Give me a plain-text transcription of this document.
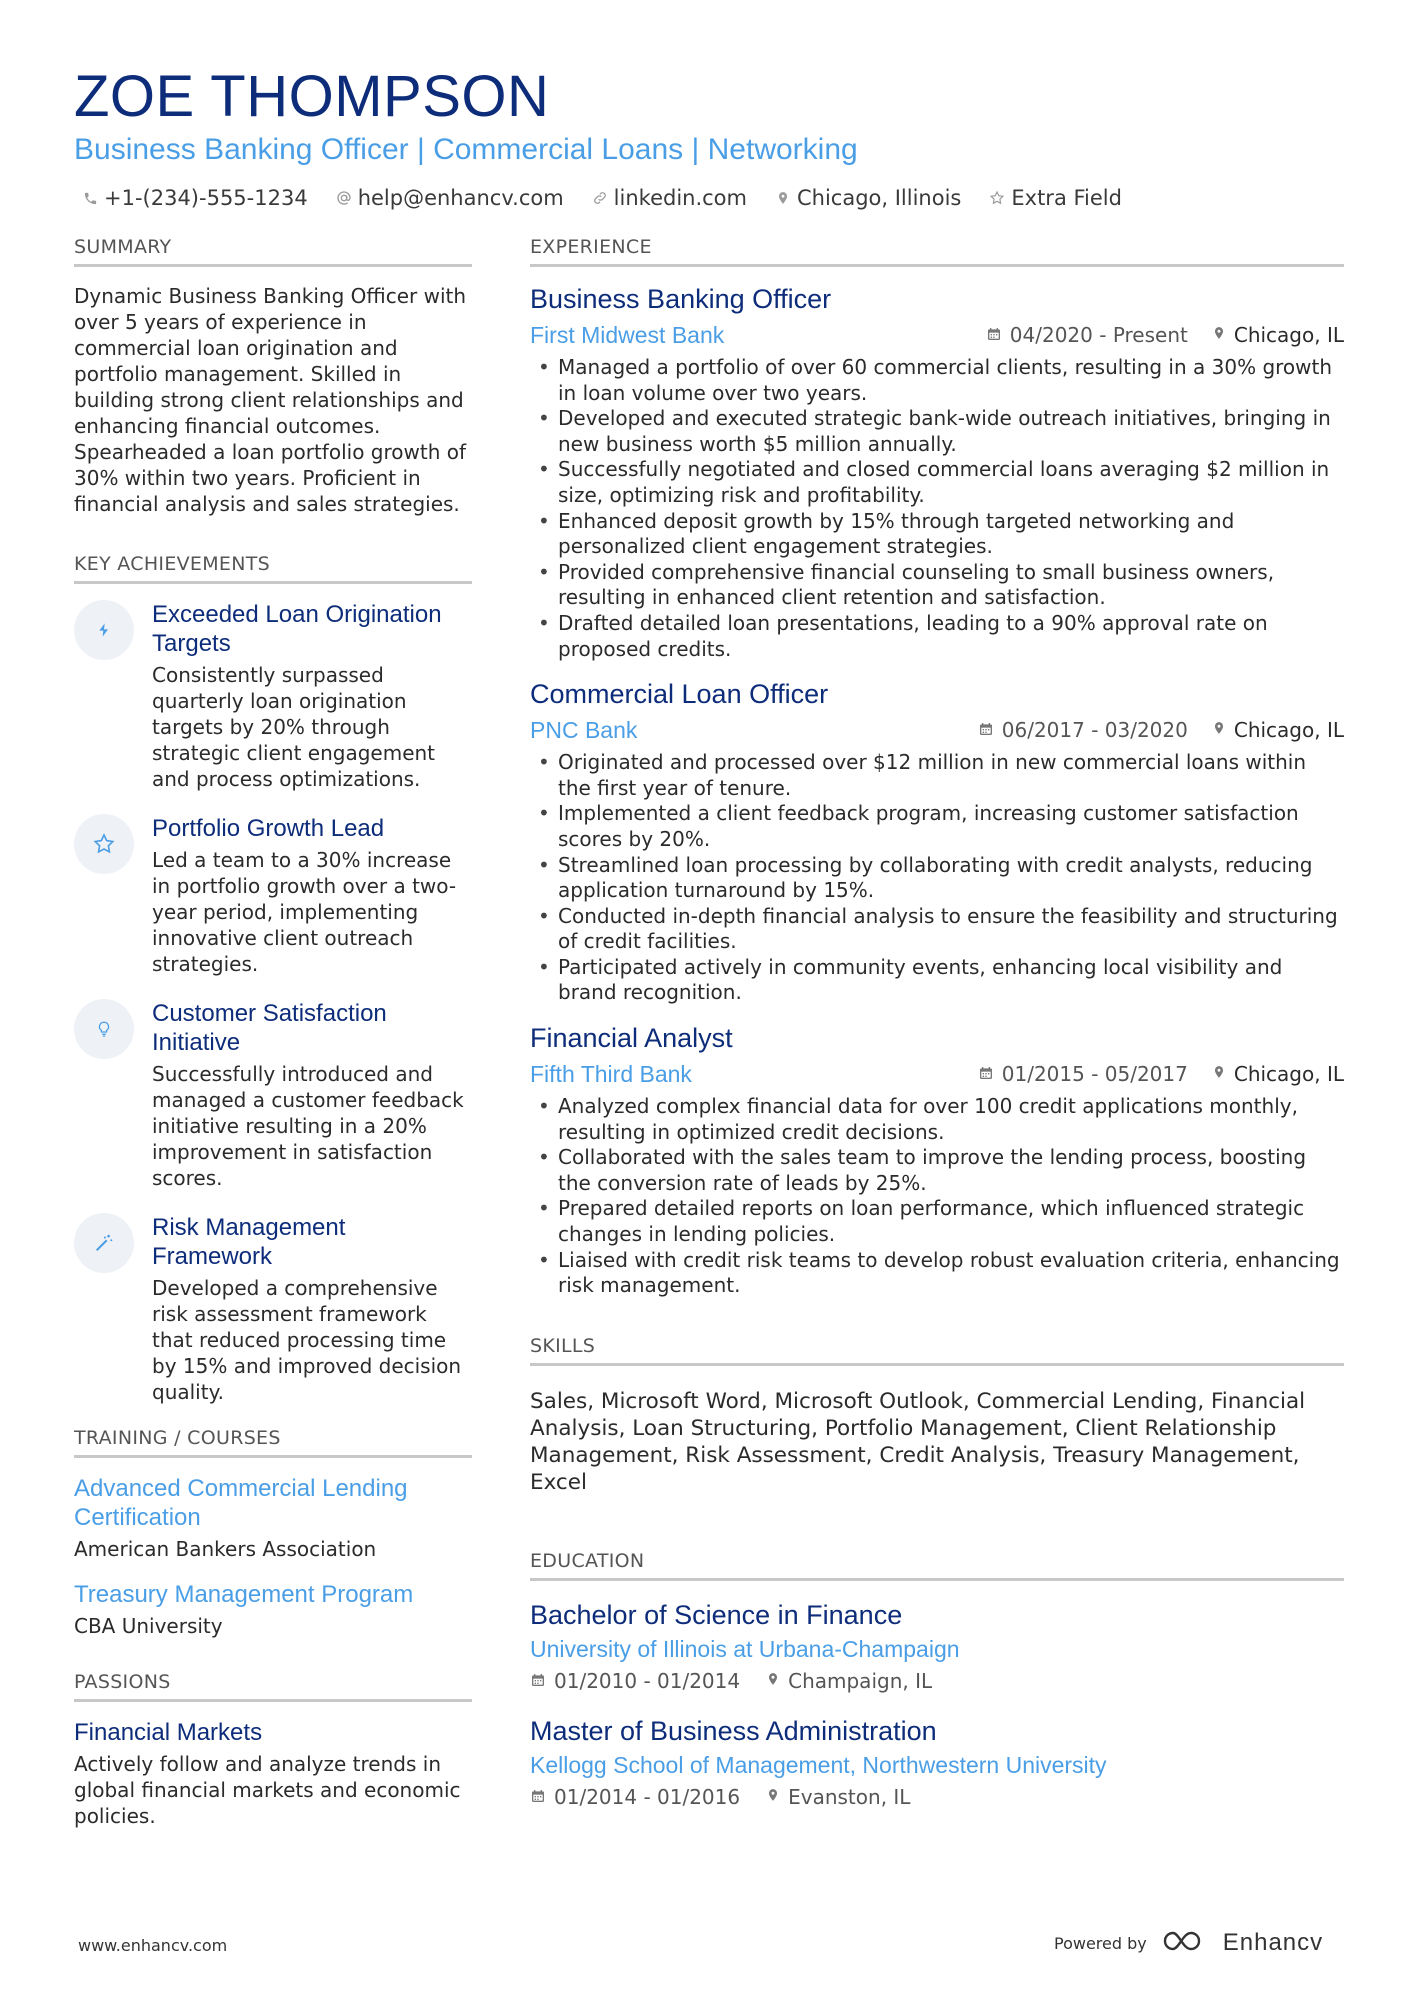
ZOE THOMPSON
Business Banking Officer | Commercial Loans | Networking
+1-(234)-555-1234 help@enhancv.com linkedin.com Chicago, Illinois Extra Field
SUMMARY
Dynamic Business Banking Officer with over 5 years of experience in commercial loan origination and portfolio management. Skilled in building strong client relationships and enhancing financial outcomes. Spearheaded a loan portfolio growth of 30% within two years. Proficient in financial analysis and sales strategies.
KEY ACHIEVEMENTS
Exceeded Loan Origination Targets
Consistently surpassed quarterly loan origination targets by 20% through strategic client engagement and process optimizations.
Portfolio Growth Lead
Led a team to a 30% increase in portfolio growth over a two-year period, implementing innovative client outreach strategies.
Customer Satisfaction Initiative
Successfully introduced and managed a customer feedback initiative resulting in a 20% improvement in satisfaction scores.
Risk Management Framework
Developed a comprehensive risk assessment framework that reduced processing time by 15% and improved decision quality.
TRAINING / COURSES
Advanced Commercial Lending Certification
American Bankers Association
Treasury Management Program
CBA University
PASSIONS
Financial Markets
Actively follow and analyze trends in global financial markets and economic policies.
EXPERIENCE
Business Banking Officer
First Midwest Bank	04/2020 - Present Chicago, IL
• Managed a portfolio of over 60 commercial clients, resulting in a 30% growth in loan volume over two years.
• Developed and executed strategic bank-wide outreach initiatives, bringing in new business worth $5 million annually.
• Successfully negotiated and closed commercial loans averaging $2 million in size, optimizing risk and profitability.
• Enhanced deposit growth by 15% through targeted networking and personalized client engagement strategies.
• Provided comprehensive financial counseling to small business owners, resulting in enhanced client retention and satisfaction.
• Drafted detailed loan presentations, leading to a 90% approval rate on proposed credits.
Commercial Loan Officer
PNC Bank	06/2017 - 03/2020 Chicago, IL
• Originated and processed over $12 million in new commercial loans within the first year of tenure.
• Implemented a client feedback program, increasing customer satisfaction scores by 20%.
• Streamlined loan processing by collaborating with credit analysts, reducing application turnaround by 15%.
• Conducted in-depth financial analysis to ensure the feasibility and structuring of credit facilities.
• Participated actively in community events, enhancing local visibility and brand recognition.
Financial Analyst
Fifth Third Bank	01/2015 - 05/2017 Chicago, IL
• Analyzed complex financial data for over 100 credit applications monthly, resulting in optimized credit decisions.
• Collaborated with the sales team to improve the lending process, boosting the conversion rate of leads by 25%.
• Prepared detailed reports on loan performance, which influenced strategic changes in lending policies.
• Liaised with credit risk teams to develop robust evaluation criteria, enhancing risk management.
SKILLS
Sales, Microsoft Word, Microsoft Outlook, Commercial Lending, Financial Analysis, Loan Structuring, Portfolio Management, Client Relationship Management, Risk Assessment, Credit Analysis, Treasury Management, Excel
EDUCATION
Bachelor of Science in Finance
University of Illinois at Urbana-Champaign
01/2010 - 01/2014 Champaign, IL
Master of Business Administration
Kellogg School of Management, Northwestern University
01/2014 - 01/2016 Evanston, IL
www.enhancv.com	Powered by	Enhancv
